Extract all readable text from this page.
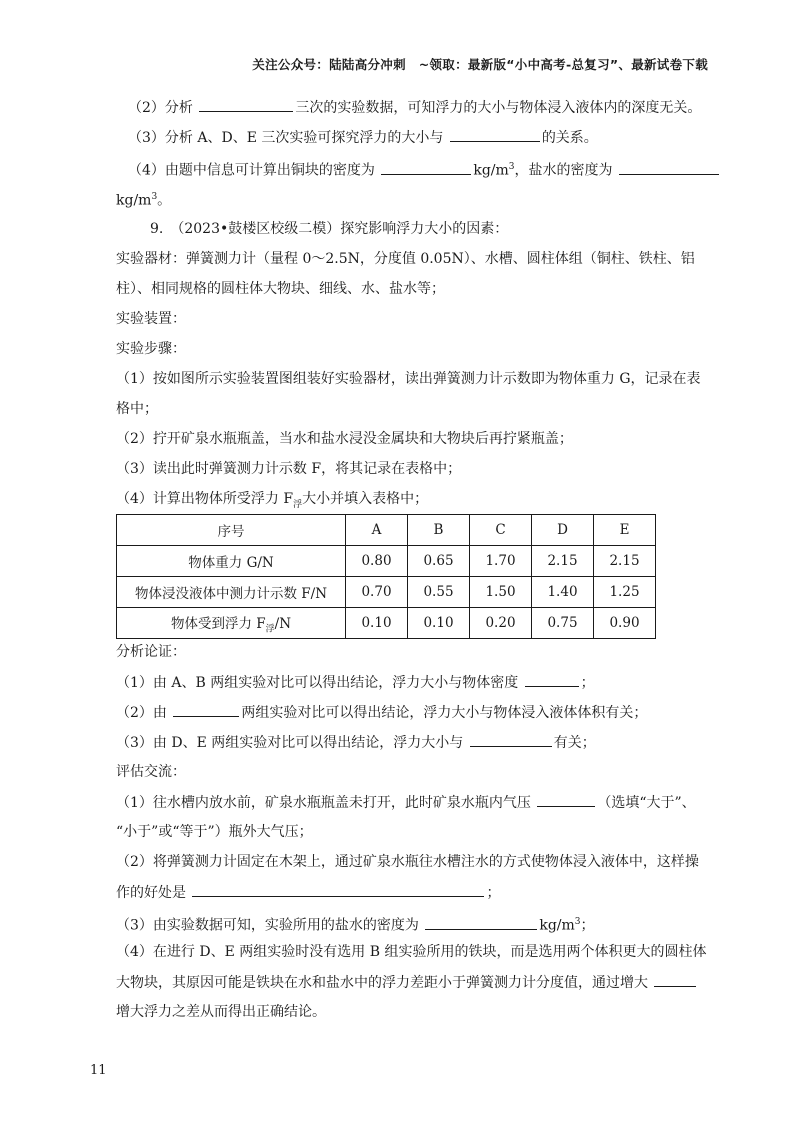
关注公众号：陆陆高分冲刺　~领取：最新版“小中高考-总复习”、最新试卷下载
（2）分析	三次的实验数据，可知浮力的大小与物体浸入液体内的深度无关。
（3）分析 A、D、E 三次实验可探究浮力的大小与	的关系。
（4）由题中信息可计算出铜块的密度为	$kg/m^3$，盐水的密度为
$kg/m^3$。
9.　（2023•鼓楼区校级二模）探究影响浮力大小的因素：
实验器材：弹簧测力计（量程 0～2.5N，分度值 0.05N）、水槽、圆柱体组（铜柱、铁柱、铝
柱）、相同规格的圆柱体大物块、细线、水、盐水等；
实验装置：
实验步骤：
（1）按如图所示实验装置图组装好实验器材，读出弹簧测力计示数即为物体重力 G，记录在表
格中；
（2）拧开矿泉水瓶瓶盖，当水和盐水浸没金属块和大物块后再拧紧瓶盖；
（3）读出此时弹簧测力计示数 F，将其记录在表格中；
（4）计算出物体所受浮力 $F_浮$大小并填入表格中；
序号	A	B	C	D	E
物体重力 G/N	0.80	0.65	1.70	2.15	2.15
物体浸没液体中测力计示数 F/N	0.70	0.55	1.50	1.40	1.25
物体受到浮力 $F_浮/N$	0.10	0.10	0.20	0.75	0.90
分析论证：
（1）由 A、B 两组实验对比可以得出结论，浮力大小与物体密度	；
（2）由	两组实验对比可以得出结论，浮力大小与物体浸入液体体积有关；
（3）由 D、E 两组实验对比可以得出结论，浮力大小与	有关；
评估交流：
（1）往水槽内放水前，矿泉水瓶瓶盖未打开，此时矿泉水瓶内气压	（选填“大于”、
“小于”或“等于”）瓶外大气压；
（2）将弹簧测力计固定在木架上，通过矿泉水瓶往水槽注水的方式使物体浸入液体中，这样操
作的好处是	；
（3）由实验数据可知，实验所用的盐水的密度为	$kg/m^3$；
（4）在进行 D、E 两组实验时没有选用 B 组实验所用的铁块，而是选用两个体积更大的圆柱体
大物块，其原因可能是铁块在水和盐水中的浮力差距小于弹簧测力计分度值，通过增大
增大浮力之差从而得出正确结论。
11
